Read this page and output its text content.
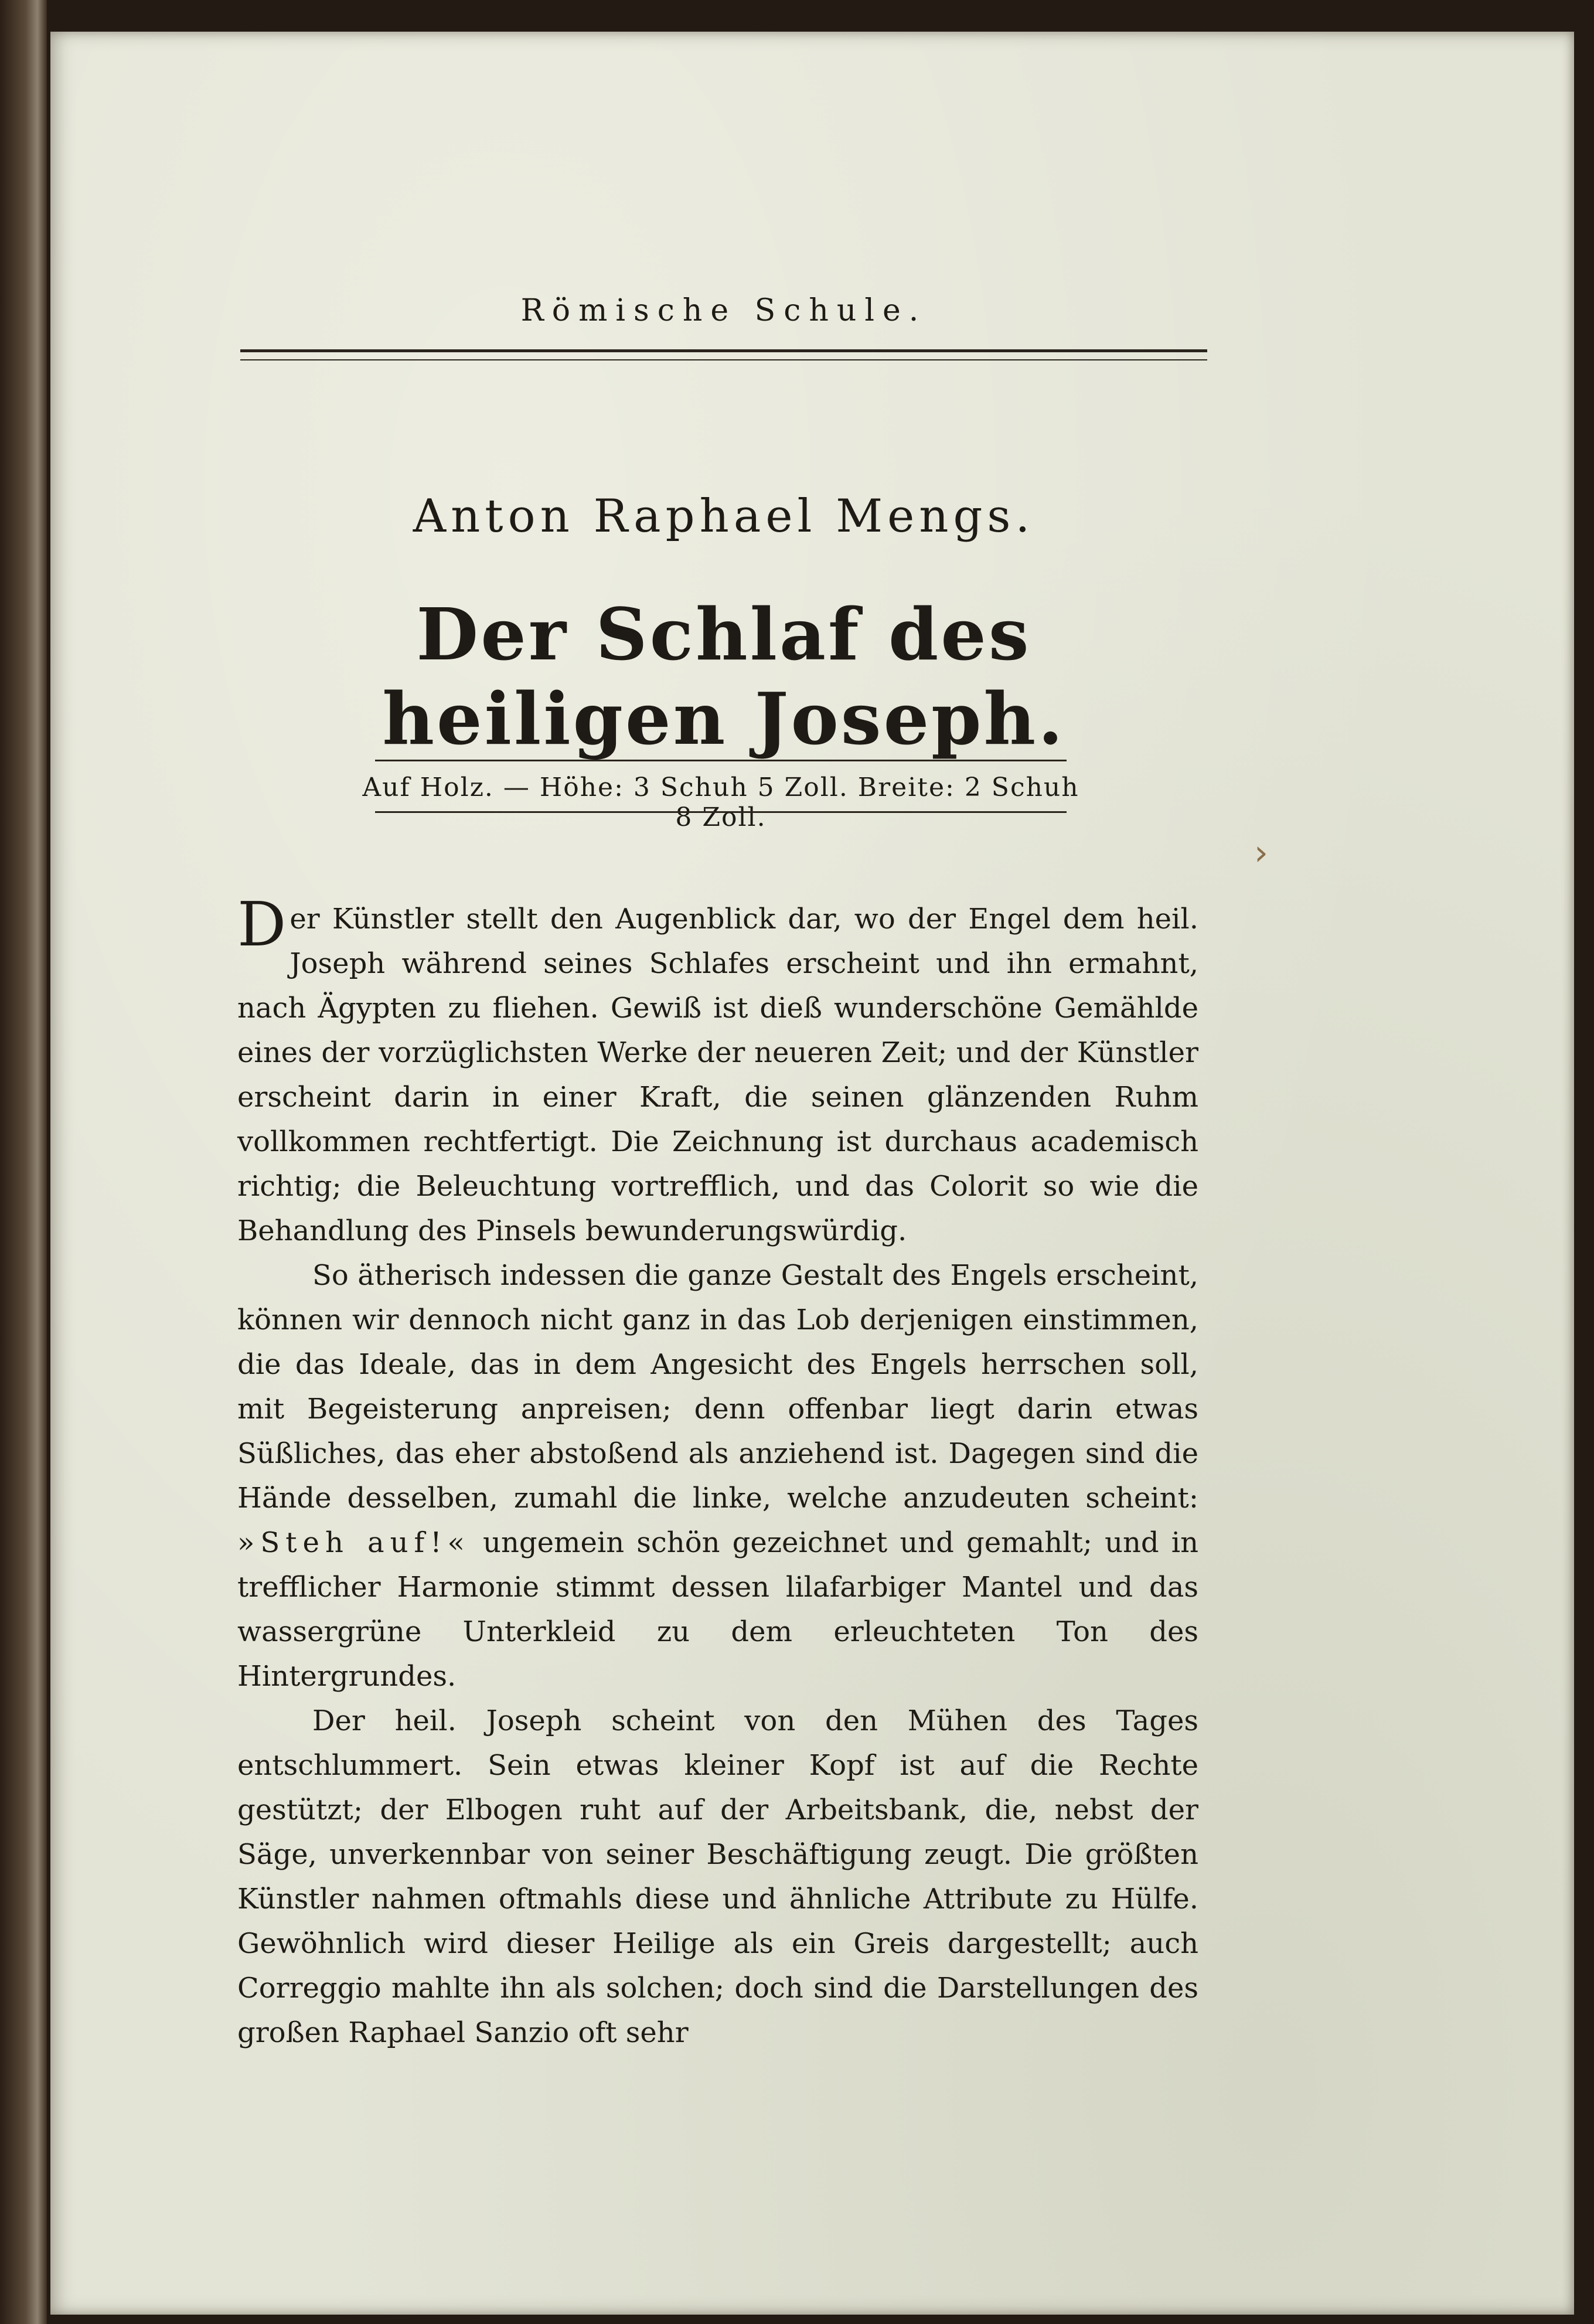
Römische Schule.
Anton Raphael Mengs.
Der Schlaf des heiligen Joseph.
Auf Holz. — Höhe: 3 Schuh 5 Zoll. Breite: 2 Schuh 8 Zoll.

Der Künstler stellt den Augenblick dar, wo der Engel dem heil. Joseph während seines Schlafes erscheint und ihn ermahnt, nach Ägypten zu fliehen. Gewiß ist dieß wunderschöne Gemählde eines der vorzüglichsten Werke der neueren Zeit; und der Künstler erscheint darin in einer Kraft, die seinen glänzenden Ruhm vollkommen rechtfertigt. Die Zeichnung ist durchaus academisch richtig; die Beleuchtung vortrefflich, und das Colorit so wie die Behandlung des Pinsels bewunderungswürdig.

So ätherisch indessen die ganze Gestalt des Engels erscheint, können wir dennoch nicht ganz in das Lob derjenigen einstimmen, die das Ideale, das in dem Angesicht des Engels herrschen soll, mit Begeisterung anpreisen; denn offenbar liegt darin etwas Süßliches, das eher abstoßend als anziehend ist. Dagegen sind die Hände desselben, zumahl die linke, welche anzudeuten scheint: »Steh auf!« ungemein schön gezeichnet und gemahlt; und in trefflicher Harmonie stimmt dessen lilafarbiger Mantel und das wassergrüne Unterkleid zu dem erleuchteten Ton des Hintergrundes.

Der heil. Joseph scheint von den Mühen des Tages entschlummert. Sein etwas kleiner Kopf ist auf die Rechte gestützt; der Elbogen ruht auf der Arbeitsbank, die, nebst der Säge, unverkennbar von seiner Beschäftigung zeugt. Die größten Künstler nahmen oftmahls diese und ähnliche Attribute zu Hülfe. Gewöhnlich wird dieser Heilige als ein Greis dargestellt; auch Correggio mahlte ihn als solchen; doch sind die Darstellungen des großen Raphael Sanzio oft sehr

›
